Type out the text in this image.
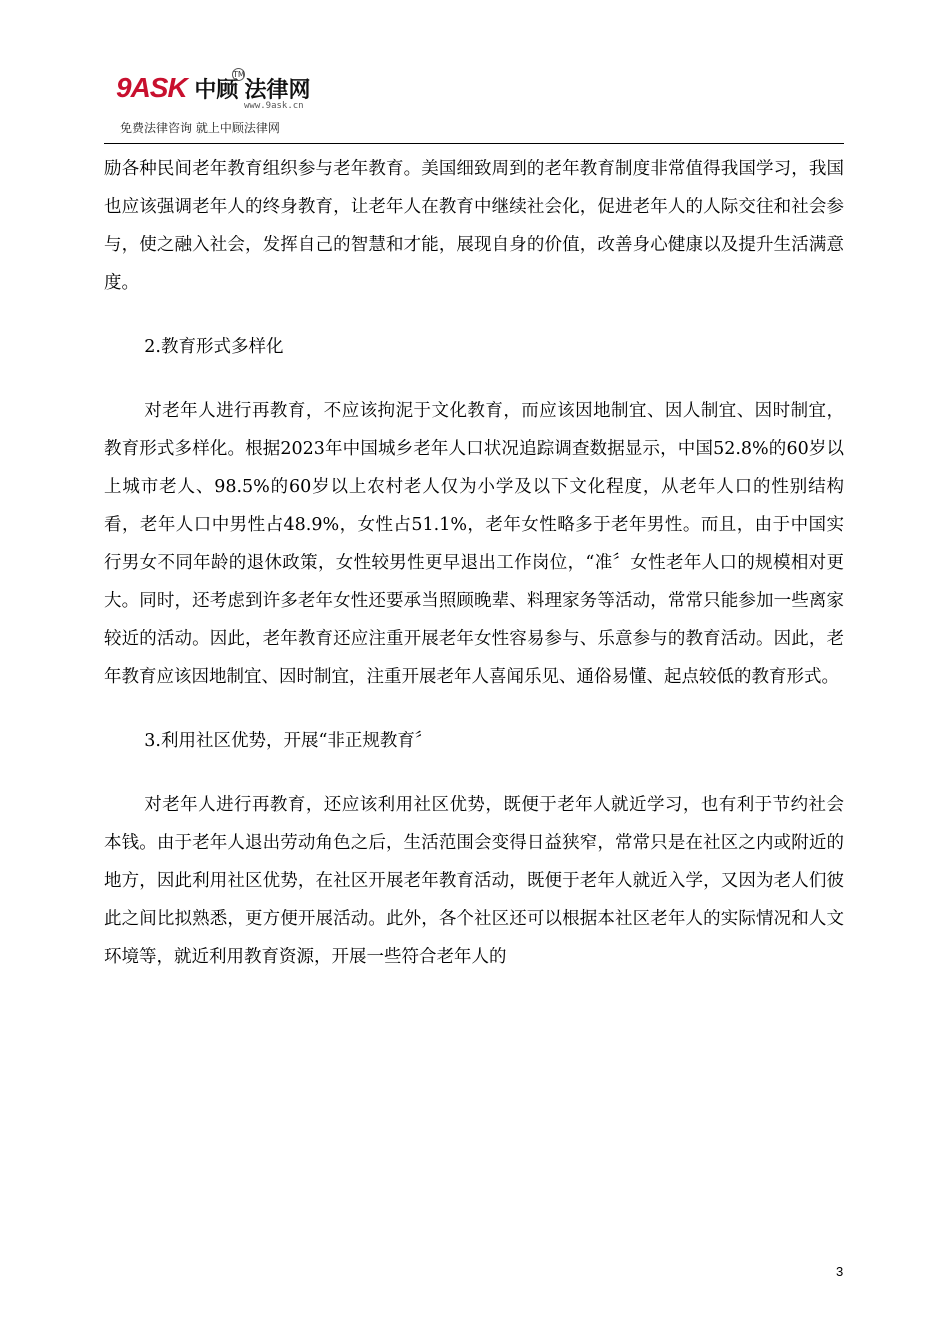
9ASK 中顾 法律网
TM
www.9ask.cn
免费法律咨询 就上中顾法律网

励各种民间老年教育组织参与老年教育。美国细致周到的老年教育制度非常值得我国学习，我国也应该强调老年人的终身教育，让老年人在教育中继续社会化，促进老年人的人际交往和社会参与，使之融入社会，发挥自己的智慧和才能，展现自身的价值，改善身心健康以及提升生活满意度。

2.教育形式多样化

对老年人进行再教育，不应该拘泥于文化教育，而应该因地制宜、因人制宜、因时制宜，教育形式多样化。根据2023年中国城乡老年人口状况追踪调查数据显示，中国52.8%的60岁以上城市老人、98.5%的60岁以上农村老人仅为小学及以下文化程度，从老年人口的性别结构看，老年人口中男性占48.9%，女性占51.1%，老年女性略多于老年男性。而且，由于中国实行男女不同年龄的退休政策，女性较男性更早退出工作岗位，“准〞女性老年人口的规模相对更大。同时，还考虑到许多老年女性还要承当照顾晚辈、料理家务等活动，常常只能参加一些离家较近的活动。因此，老年教育还应注重开展老年女性容易参与、乐意参与的教育活动。因此，老年教育应该因地制宜、因时制宜，注重开展老年人喜闻乐见、通俗易懂、起点较低的教育形式。

3.利用社区优势，开展“非正规教育〞

对老年人进行再教育，还应该利用社区优势，既便于老年人就近学习，也有利于节约社会本钱。由于老年人退出劳动角色之后，生活范围会变得日益狭窄，常常只是在社区之内或附近的地方，因此利用社区优势，在社区开展老年教育活动，既便于老年人就近入学，又因为老人们彼此之间比拟熟悉，更方便开展活动。此外，各个社区还可以根据本社区老年人的实际情况和人文环境等，就近利用教育资源，开展一些符合老年人的

3
